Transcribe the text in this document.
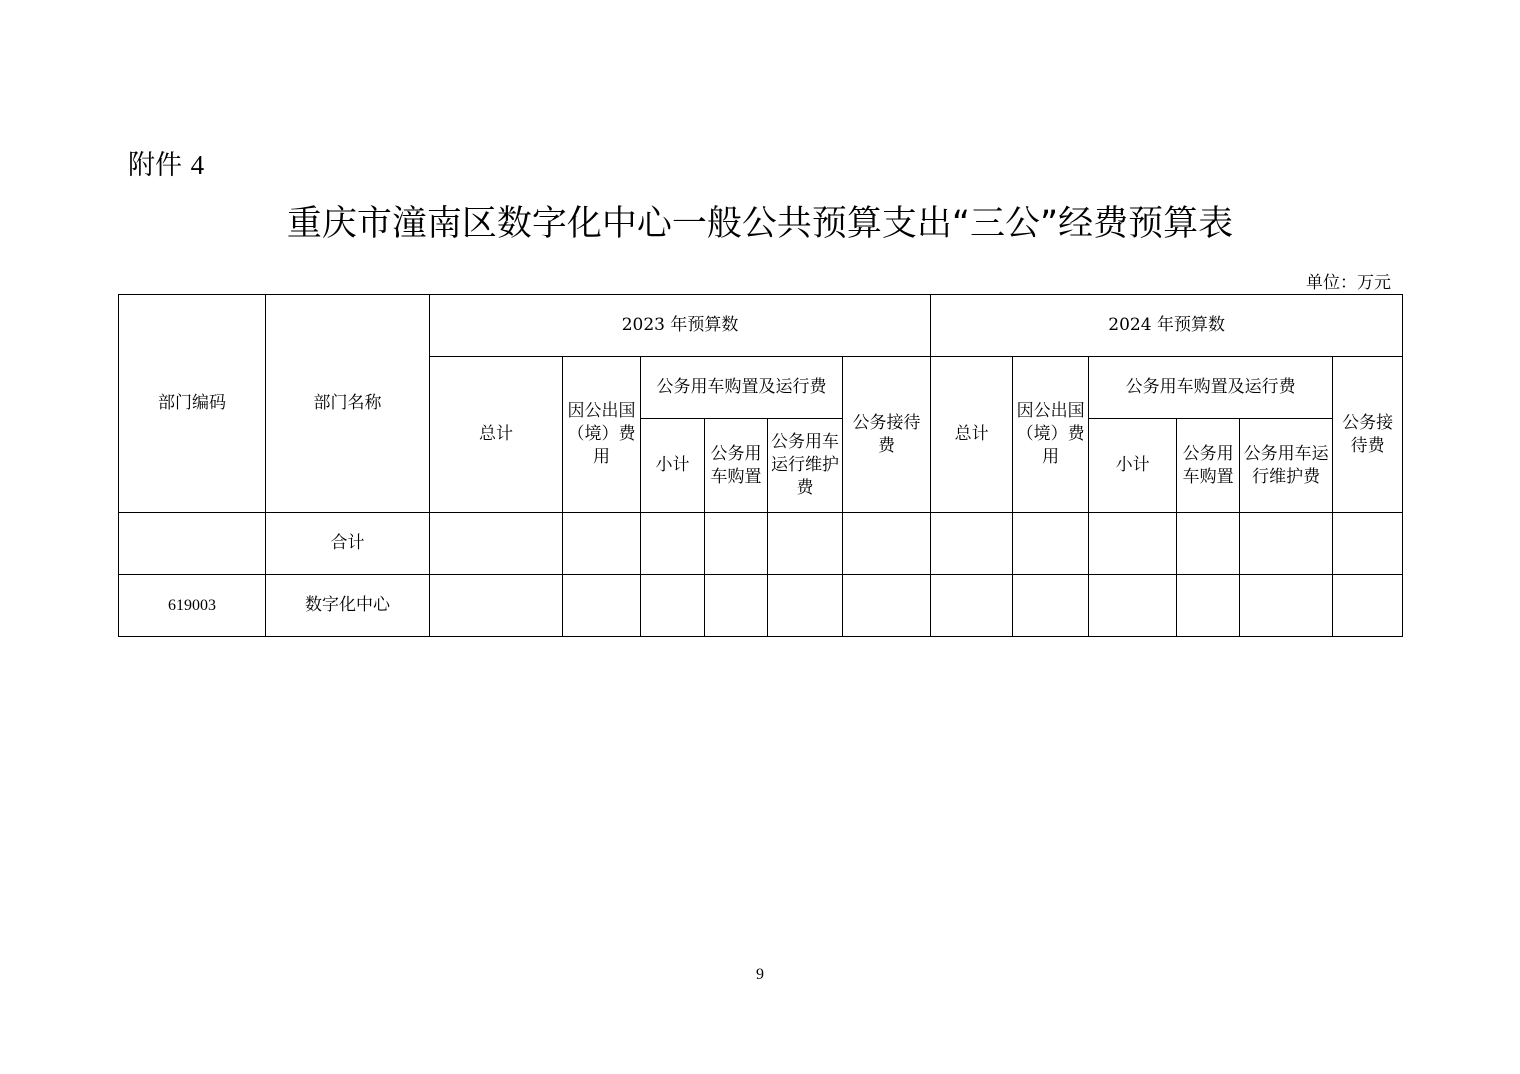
附件 4
重庆市潼南区数字化中心一般公共预算支出“三公”经费预算表
单位：万元
部门编码	部门名称	2023 年预算数						2024 年预算数					
		总计	因公出国（境）费用	公务用车购置及运行费			公务接待费	总计	因公出国（境）费用	公务用车购置及运行费			公务接待费
				小计	公务用车购置	公务用车运行维护费				小计	公务用车购置	公务用车运行维护费	
	合计												
619003	数字化中心												
9
